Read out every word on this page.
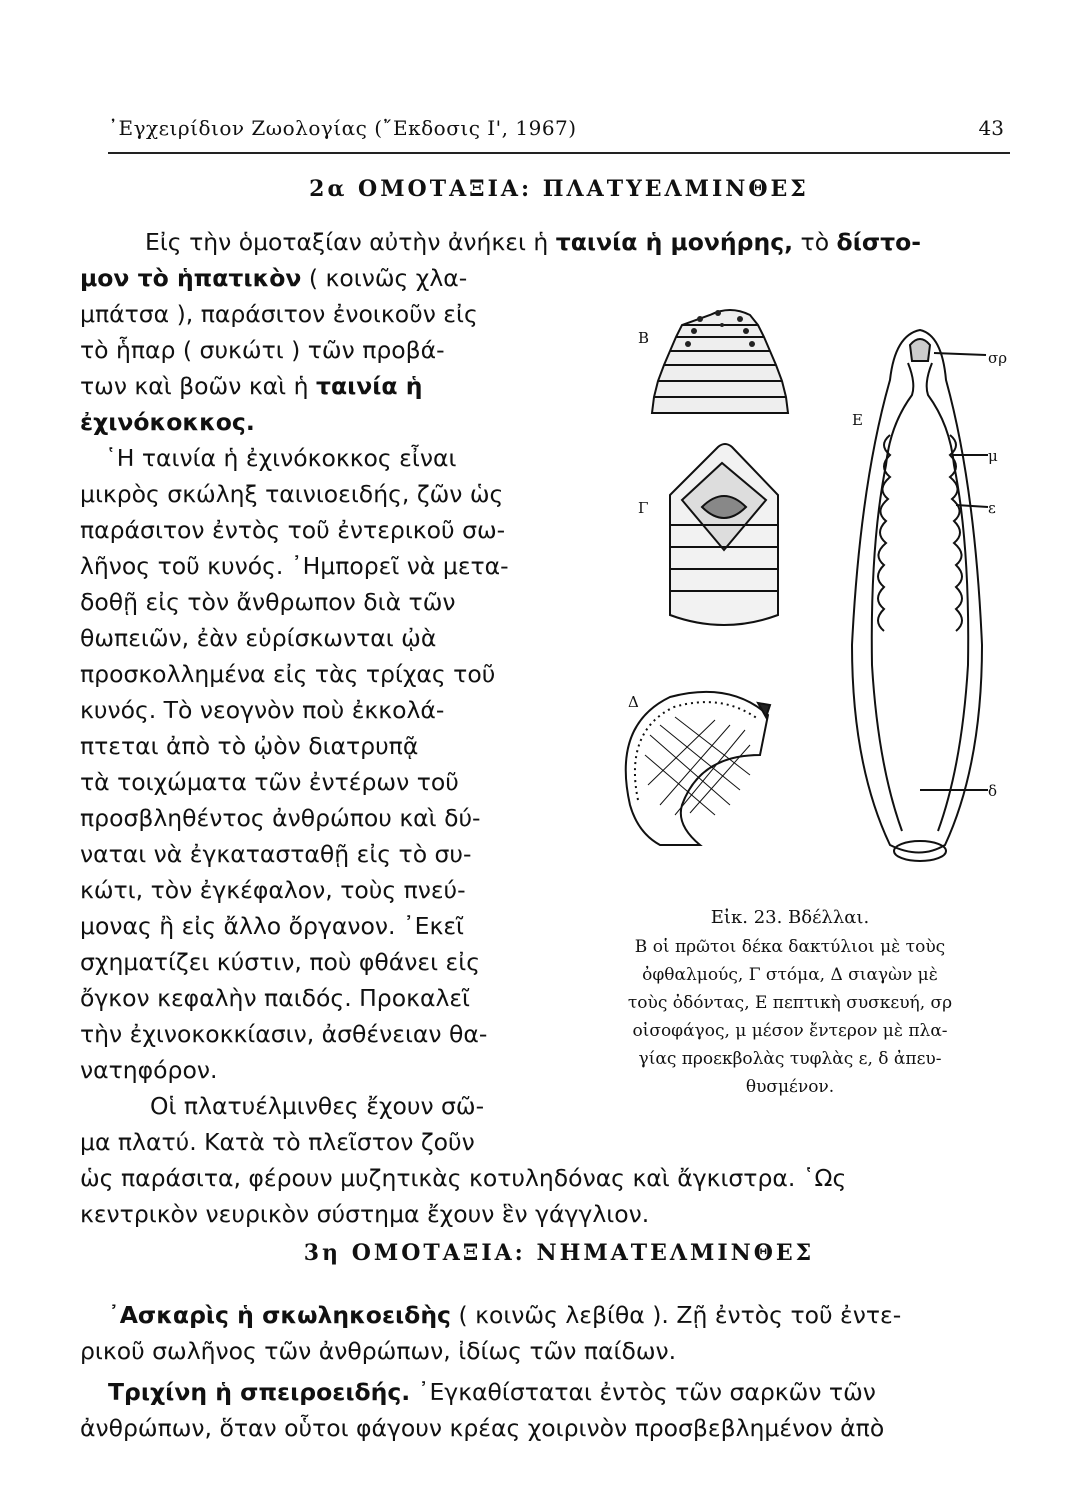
᾿Εγχειρίδιον Ζωολογίας (῎Εκδοσις Ι', 1967)	43
2α ΟΜΟΤΑΞΙΑ: ΠΛΑΤΥΕΛΜΙΝΘΕΣ
Εἰς τὴν ὁμοταξίαν αὐτὴν ἀνήκει ἡ ταινία ἡ μονήρης, τὸ δίστο-
μον τὸ ἡπατικὸν ( κοινῶς χλα-
μπάτσα ), παράσιτον ἐνοικοῦν εἰς
τὸ ἧπαρ ( συκώτι ) τῶν προβά-
των καὶ βοῶν καὶ ἡ ταινία ἡ
ἐχινόκοκκος.
῾Η ταινία ἡ ἐχινόκοκκος εἶναι
μικρὸς σκώληξ ταινιοειδής, ζῶν ὡς
παράσιτον ἐντὸς τοῦ ἐντερικοῦ σω-
λῆνος τοῦ κυνός. ᾿Ημπορεῖ νὰ μετα-
δοθῇ εἰς τὸν ἄνθρωπον διὰ τῶν
θωπειῶν, ἐὰν εὑρίσκωνται ᾠὰ
προσκολλημένα εἰς τὰς τρίχας τοῦ
κυνός. Τὸ νεογνὸν ποὺ ἐκκολά-
πτεται ἀπὸ τὸ ᾠὸν διατρυπᾷ
τὰ τοιχώματα τῶν ἐντέρων τοῦ
προσβληθέντος ἀνθρώπου καὶ δύ-
ναται νὰ ἐγκατασταθῇ εἰς τὸ συ-
κώτι, τὸν ἐγκέφαλον, τοὺς πνεύ-
μονας ἢ εἰς ἄλλο ὄργανον. ᾿Εκεῖ
σχηματίζει κύστιν, ποὺ φθάνει εἰς
ὄγκον κεφαλὴν παιδός. Προκαλεῖ
τὴν ἐχινοκοκκίασιν, ἀσθένειαν θα-
νατηφόρον.
Οἱ πλατυέλμινθες ἔχουν σῶ-
μα πλατύ. Κατὰ τὸ πλεῖστον ζοῦν
ὡς παράσιτα, φέρουν μυζητικὰς κοτυληδόνας καὶ ἄγκιστρα. ῾Ως
κεντρικὸν νευρικὸν σύστημα ἔχουν ἓν γάγγλιον.
Β
Γ
Δ
Ε
σρ
μ
ε
δ
Εἰκ. 23. Βδέλλαι.
Β οἱ πρῶτοι δέκα δακτύλιοι μὲ τοὺς
ὀφθαλμούς, Γ στόμα, Δ σιαγὼν μὲ
τοὺς ὀδόντας, Ε πεπτικὴ συσκευή, σρ
οἰσοφάγος, μ μέσον ἔντερον μὲ πλα-
γίας προεκβολὰς τυφλὰς ε, δ ἀπευ-
θυσμένον.
3η ΟΜΟΤΑΞΙΑ: ΝΗΜΑΤΕΛΜΙΝΘΕΣ
᾿Ασκαρὶς ἡ σκωληκοειδὴς ( κοινῶς λεβίθα ). Ζῇ ἐντὸς τοῦ ἐντε-
ρικοῦ σωλῆνος τῶν ἀνθρώπων, ἰδίως τῶν παίδων.
Τριχίνη ἡ σπειροειδής. ᾿Εγκαθίσταται ἐντὸς τῶν σαρκῶν τῶν
ἀνθρώπων, ὅταν οὗτοι φάγουν κρέας χοιρινὸν προσβεβλημένον ἀπὸ
